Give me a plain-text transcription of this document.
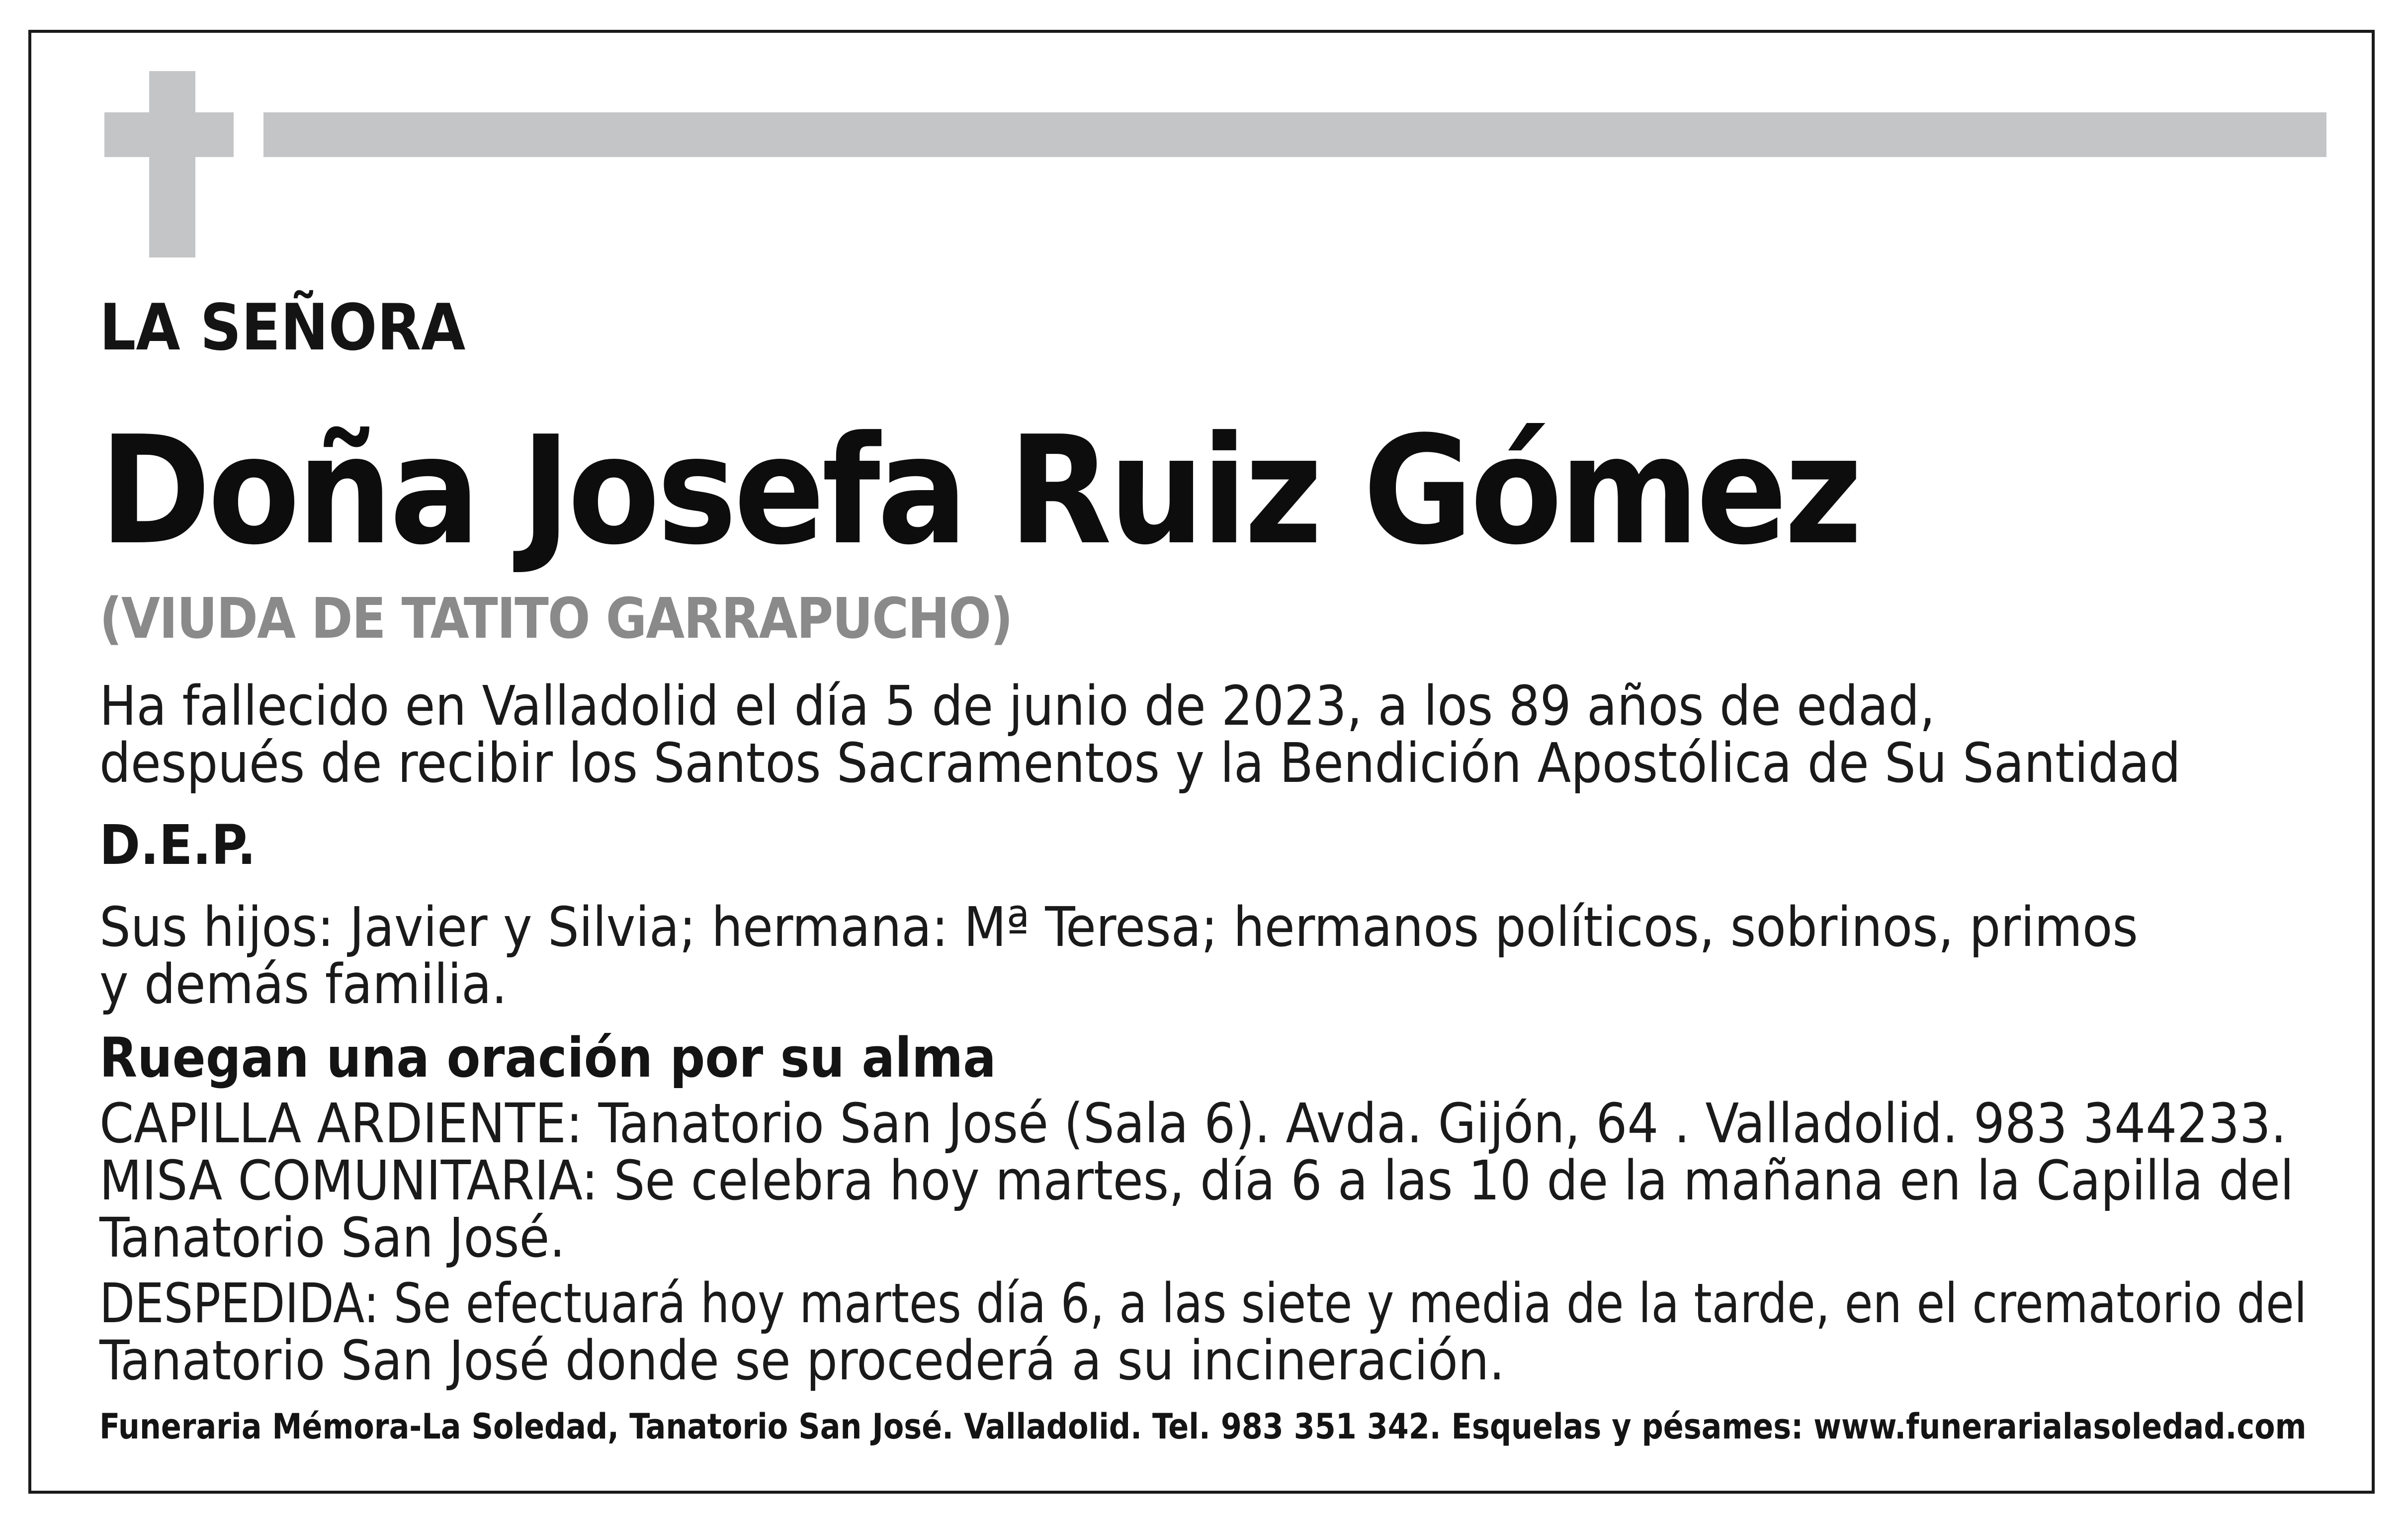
LA SEÑORA
Doña Josefa Ruiz Gómez
(VIUDA DE TATITO GARRAPUCHO)
Ha fallecido en Valladolid el día 5 de junio de 2023, a los 89 años de edad,
después de recibir los Santos Sacramentos y la Bendición Apostólica de Su Santidad
D.E.P.
Sus hijos: Javier y Silvia; hermana: Mª Teresa; hermanos políticos, sobrinos, primos
y demás familia.
Ruegan una oración por su alma
CAPILLA ARDIENTE: Tanatorio San José (Sala 6). Avda. Gijón, 64 . Valladolid. 983 344233.
MISA COMUNITARIA: Se celebra hoy martes, día 6 a las 10 de la mañana en la Capilla del
Tanatorio San José.
DESPEDIDA: Se efectuará hoy martes día 6, a las siete y media de la tarde, en el crematorio del
Tanatorio San José donde se procederá a su incineración.
Funeraria Mémora-La Soledad, Tanatorio San José. Valladolid. Tel. 983 351 342. Esquelas y pésames: www.funerarialasoledad.com
